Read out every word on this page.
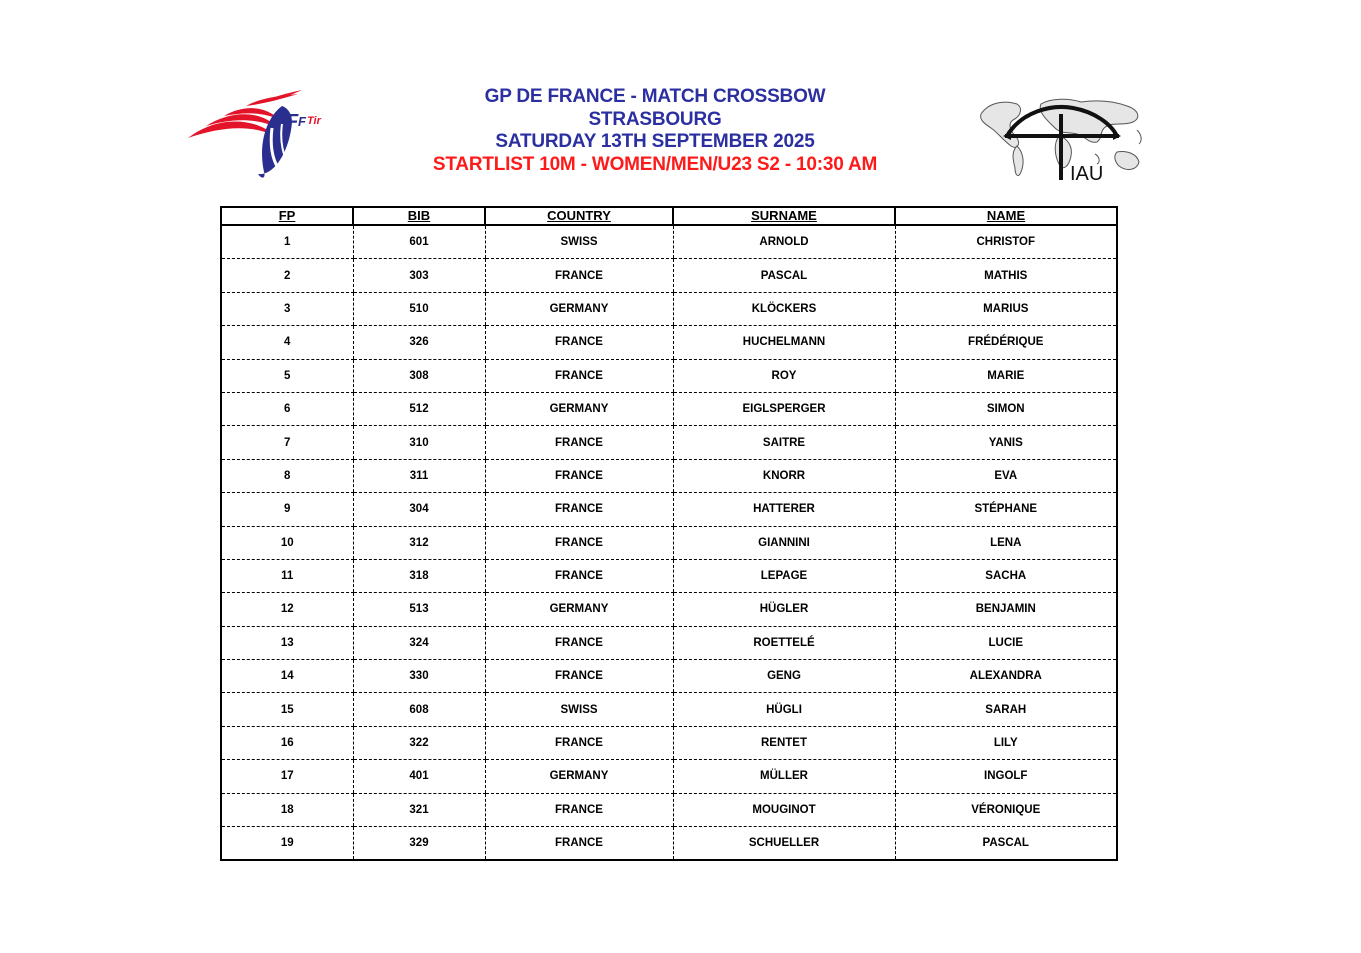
F F Tir
GP DE FRANCE - MATCH CROSSBOW
STRASBOURG
SATURDAY 13TH SEPTEMBER 2025
STARTLIST 10M - WOMEN/MEN/U23 S2 - 10:30 AM	IAU
FP	BIB	COUNTRY	SURNAME	NAME
1	601	SWISS	ARNOLD	CHRISTOF
2	303	FRANCE	PASCAL	MATHIS
3	510	GERMANY	KLÖCKERS	MARIUS
4	326	FRANCE	HUCHELMANN	FRÉDÉRIQUE
5	308	FRANCE	ROY	MARIE
6	512	GERMANY	EIGLSPERGER	SIMON
7	310	FRANCE	SAITRE	YANIS
8	311	FRANCE	KNORR	EVA
9	304	FRANCE	HATTERER	STÉPHANE
10	312	FRANCE	GIANNINI	LENA
11	318	FRANCE	LEPAGE	SACHA
12	513	GERMANY	HÜGLER	BENJAMIN
13	324	FRANCE	ROETTELÉ	LUCIE
14	330	FRANCE	GENG	ALEXANDRA
15	608	SWISS	HÜGLI	SARAH
16	322	FRANCE	RENTET	LILY
17	401	GERMANY	MÜLLER	INGOLF
18	321	FRANCE	MOUGINOT	VÉRONIQUE
19	329	FRANCE	SCHUELLER	PASCAL
